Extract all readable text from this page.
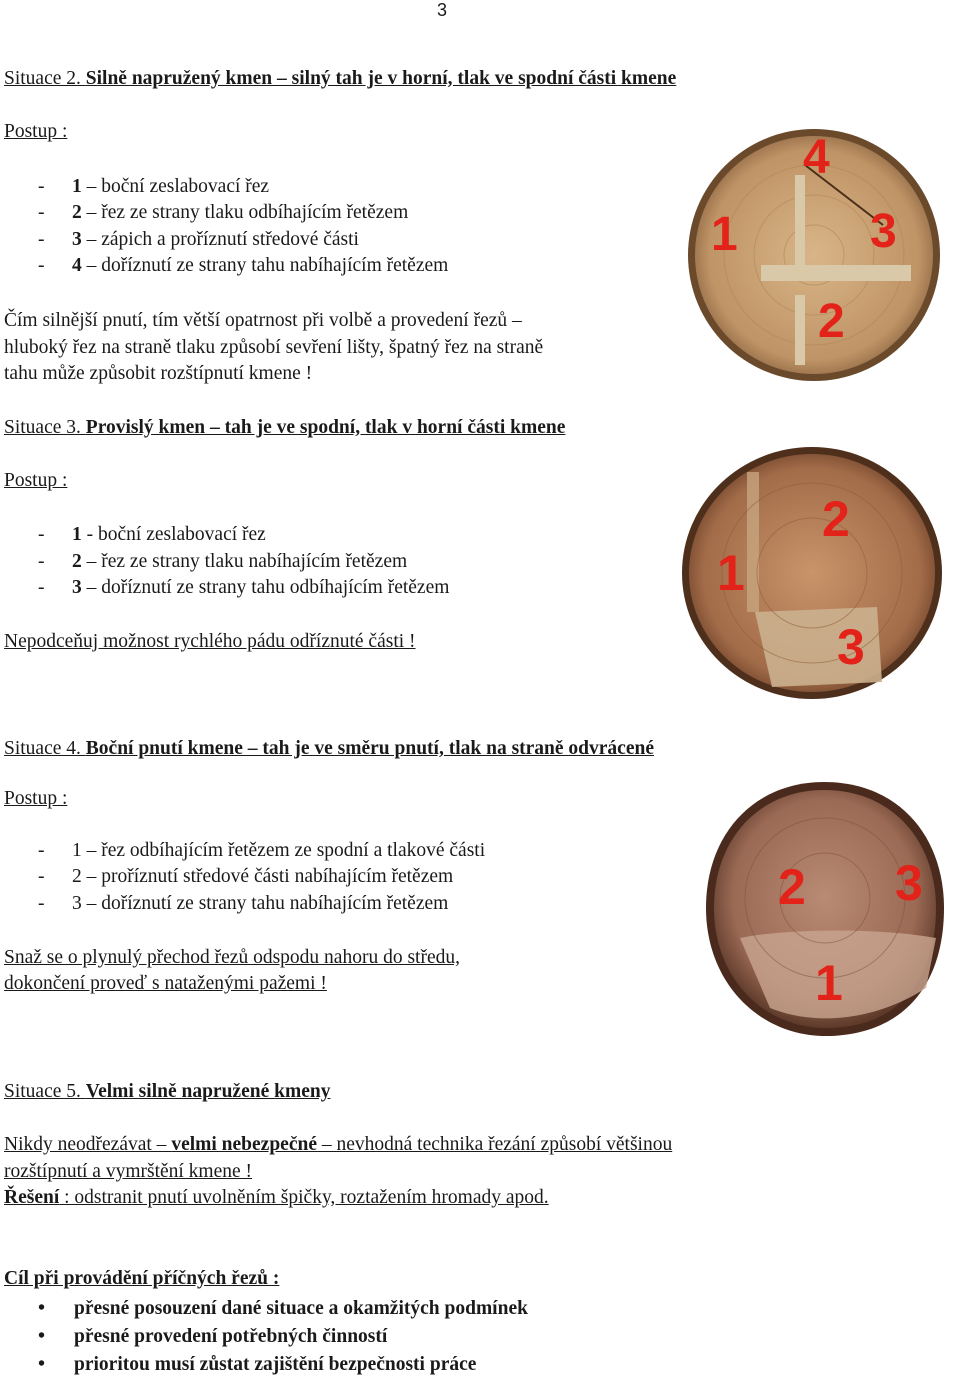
3
Situace 2. Silně napružený kmen – silný tah je v horní, tlak ve spodní části kmene
Postup :
- 1 – boční zeslabovací řez
- 2 – řez ze strany tlaku odbíhajícím řetězem
- 3 – zápich a proříznutí středové části
- 4 – doříznutí ze strany tahu nabíhajícím řetězem
Čím silnější pnutí, tím větší opatrnost při volbě a provedení řezů –
hluboký řez na straně tlaku způsobí sevření lišty, špatný řez na straně
tahu může způsobit rozštípnutí kmene !
4
1	3
2
Situace 3. Provislý kmen – tah je ve spodní, tlak v horní části kmene
Postup :
- 1 - boční zeslabovací řez
- 2 – řez ze strany tlaku nabíhajícím řetězem
- 3 – doříznutí ze strany tahu odbíhajícím řetězem
Nepodceňuj možnost rychlého pádu odříznuté části !
2
1
3
Situace 4. Boční pnutí kmene – tah je ve směru pnutí, tlak na straně odvrácené
Postup :
- 1 – řez odbíhajícím řetězem ze spodní a tlakové části
- 2 – proříznutí středové části nabíhajícím řetězem
- 3 – doříznutí ze strany tahu nabíhajícím řetězem
Snaž se o plynulý přechod řezů odspodu nahoru do středu,
dokončení proveď s nataženými pažemi !
2 3
1
Situace 5. Velmi silně napružené kmeny
Nikdy neodřezávat – velmi nebezpečné – nevhodná technika řezání způsobí většinou
rozštípnutí a vymrštění kmene !
Řešení : odstranit pnutí uvolněním špičky, roztažením hromady apod.
Cíl při provádění příčných řezů :
• přesné posouzení dané situace a okamžitých podmínek
• přesné provedení potřebných činností
• prioritou musí zůstat zajištění bezpečnosti práce
